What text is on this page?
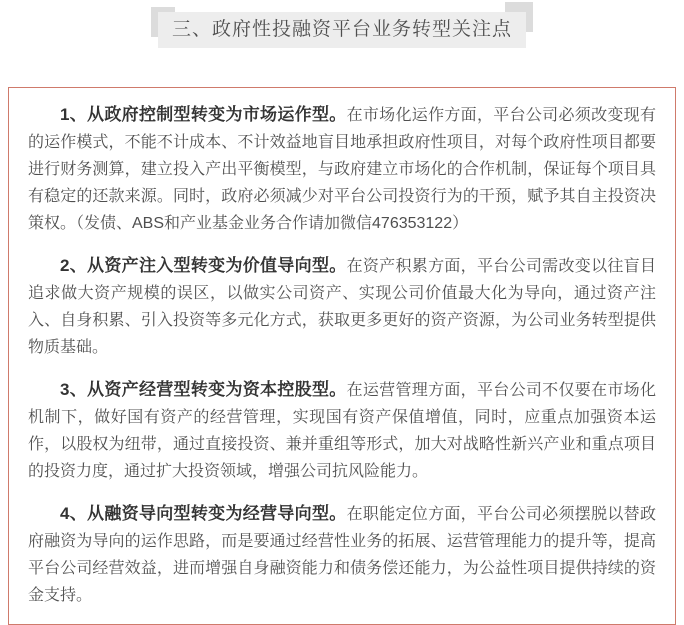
三、政府性投融资平台业务转型关注点

1、从政府控制型转变为市场运作型。在市场化运作方面，平台公司必须改变现有的运作模式，不能不计成本、不计效益地盲目地承担政府性项目，对每个政府性项目都要进行财务测算，建立投入产出平衡模型，与政府建立市场化的合作机制，保证每个项目具有稳定的还款来源。同时，政府必须减少对平台公司投资行为的干预，赋予其自主投资决策权。（发债、ABS和产业基金业务合作请加微信476353122）

2、从资产注入型转变为价值导向型。在资产积累方面，平台公司需改变以往盲目追求做大资产规模的误区，以做实公司资产、实现公司价值最大化为导向，通过资产注入、自身积累、引入投资等多元化方式，获取更多更好的资产资源，为公司业务转型提供物质基础。

3、从资产经营型转变为资本控股型。在运营管理方面，平台公司不仅要在市场化机制下，做好国有资产的经营管理，实现国有资产保值增值，同时，应重点加强资本运作，以股权为纽带，通过直接投资、兼并重组等形式，加大对战略性新兴产业和重点项目的投资力度，通过扩大投资领域，增强公司抗风险能力。

4、从融资导向型转变为经营导向型。在职能定位方面，平台公司必须摆脱以替政府融资为导向的运作思路，而是要通过经营性业务的拓展、运营管理能力的提升等，提高平台公司经营效益，进而增强自身融资能力和债务偿还能力，为公益性项目提供持续的资金支持。
